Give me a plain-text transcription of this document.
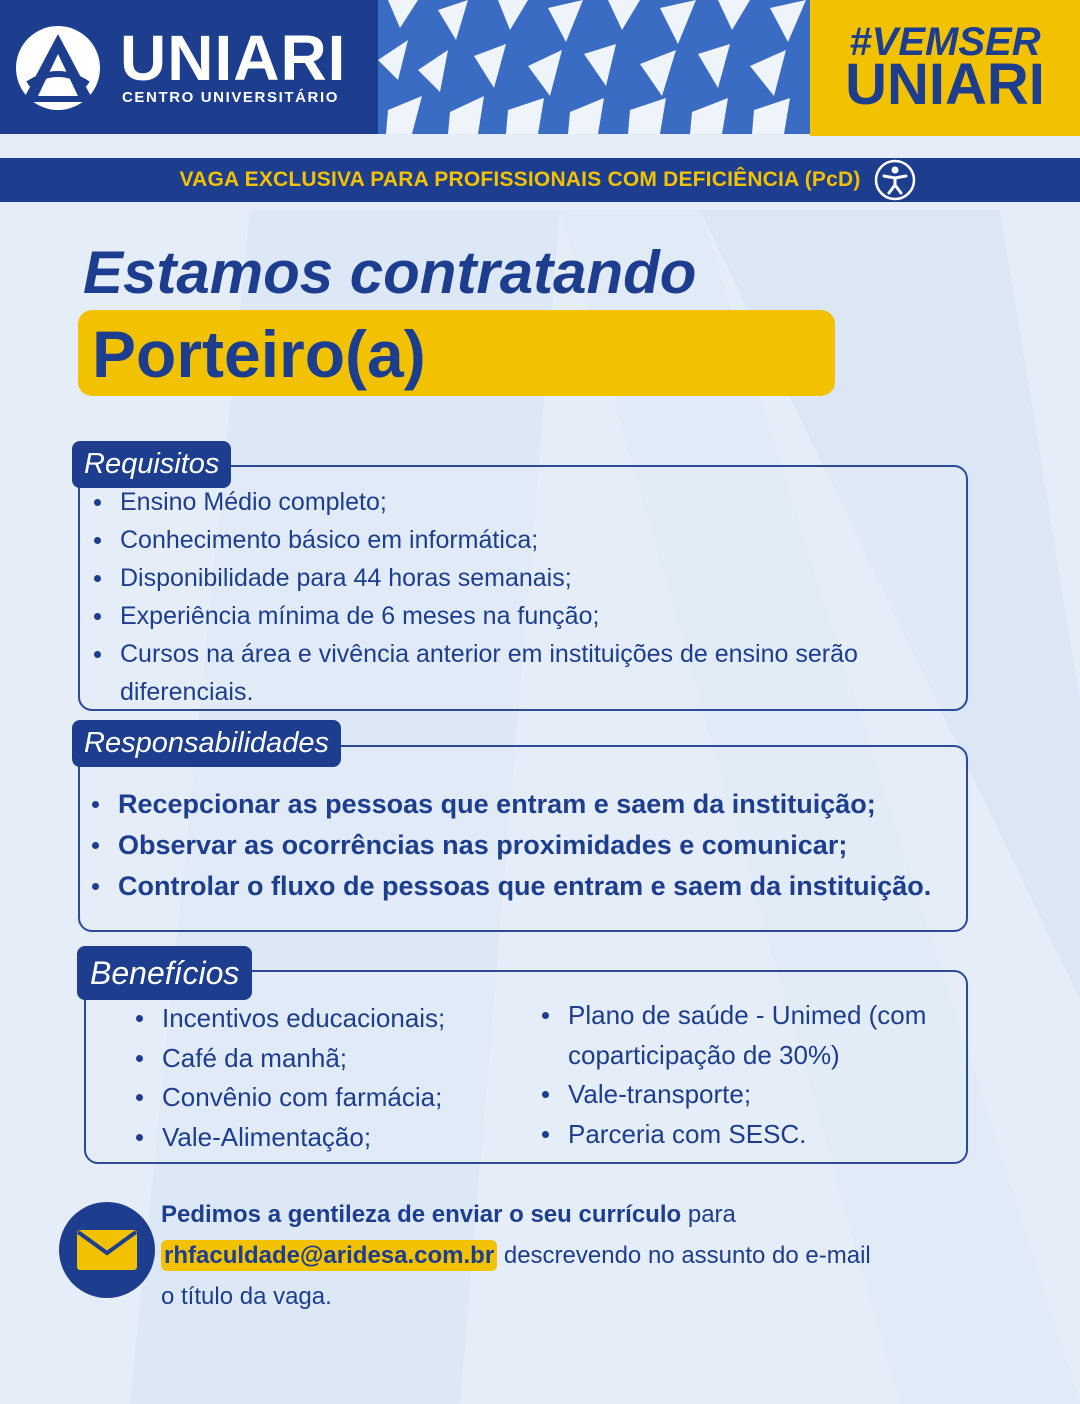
UNIARI
CENTRO UNIVERSITÁRIO
#VEMSER
UNIARI
VAGA EXCLUSIVA PARA PROFISSIONAIS COM DEFICIÊNCIA (PcD)
Estamos contratando
Porteiro(a)
Requisitos
Ensino Médio completo;
Conhecimento básico em informática;
Disponibilidade para 44 horas semanais;
Experiência mínima de 6 meses na função;
Cursos na área e vivência anterior em instituições de ensino serão diferenciais.
Responsabilidades
Recepcionar as pessoas que entram e saem da instituição;
Observar as ocorrências nas proximidades e comunicar;
Controlar o fluxo de pessoas que entram e saem da instituição.
Benefícios
Incentivos educacionais;
Café da manhã;
Convênio com farmácia;
Vale-Alimentação;
Plano de saúde - Unimed (com coparticipação de 30%)
Vale-transporte;
Parceria com SESC.
Pedimos a gentileza de enviar o seu currículo para
rhfaculdade@aridesa.com.br descrevendo no assunto do e-mail
o título da vaga.
